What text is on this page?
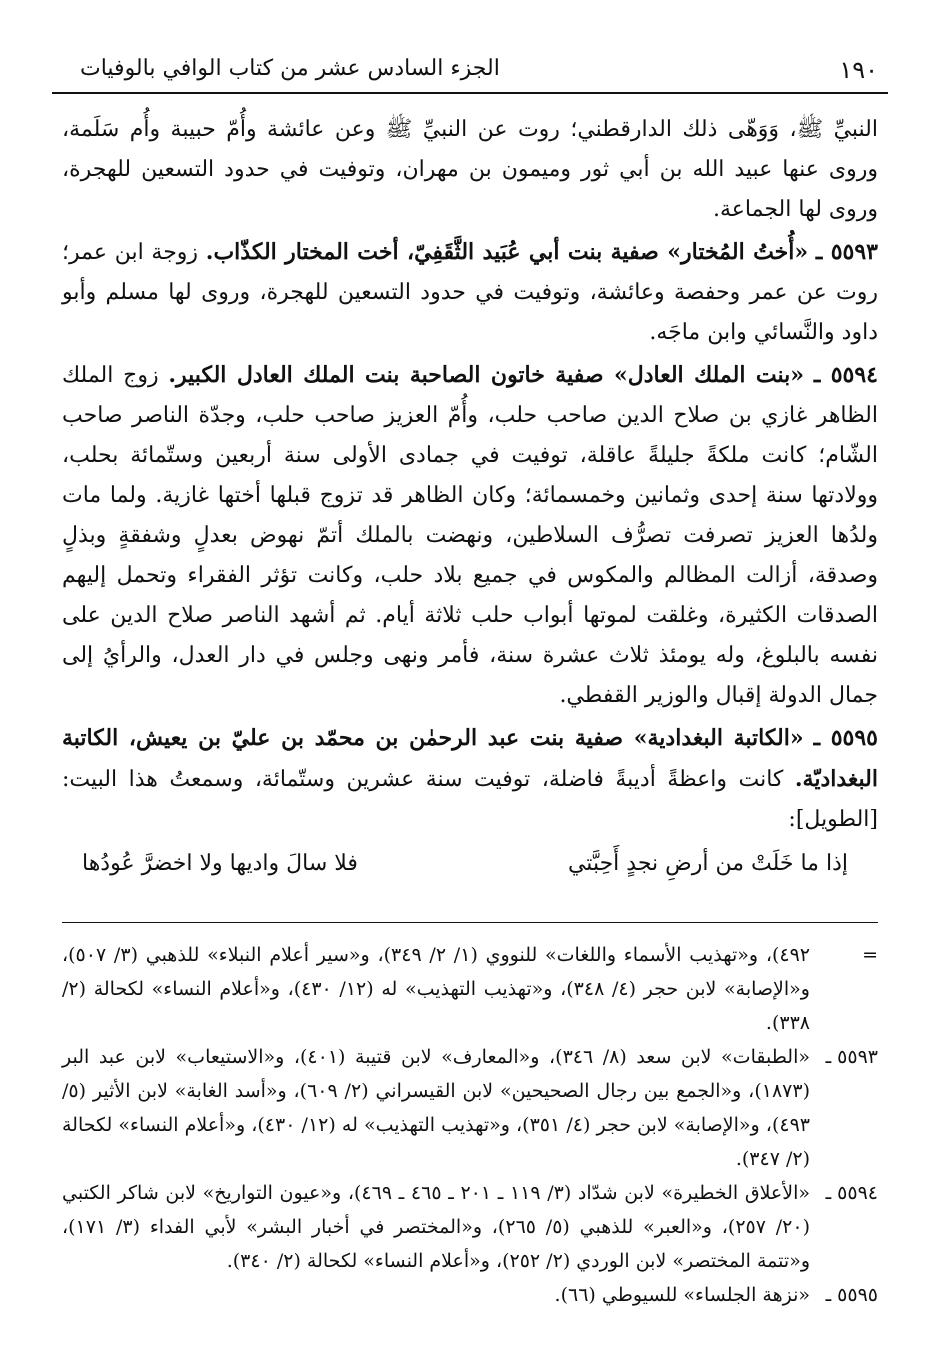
١٩٠
الجزء السادس عشر من كتاب الوافي بالوفيات

النبيِّ ﷺ، وَوَهّى ذلك الدارقطني؛ روت عن النبيِّ ﷺ وعن عائشة وأُمّ حبيبة وأُم سَلَمة، وروى عنها عبيد الله بن أبي ثور وميمون بن مهران، وتوفيت في حدود التسعين للهجرة، وروى لها الجماعة.

٥٥٩٣ ـ «أُختُ المُختار» صفية بنت أبي عُبَيد الثَّقَفِيّ، أخت المختار الكذّاب. زوجة ابن عمر؛ روت عن عمر وحفصة وعائشة، وتوفيت في حدود التسعين للهجرة، وروى لها مسلم وأبو داود والنَّسائي وابن ماجَه.

٥٥٩٤ ـ «بنت الملك العادل» صفية خاتون الصاحبة بنت الملك العادل الكبير. زوج الملك الظاهر غازي بن صلاح الدين صاحب حلب، وأُمّ العزيز صاحب حلب، وجدّة الناصر صاحب الشّام؛ كانت ملكةً جليلةً عاقلة، توفيت في جمادى الأولى سنة أربعين وستّمائة بحلب، وولادتها سنة إحدى وثمانين وخمسمائة؛ وكان الظاهر قد تزوج قبلها أختها غازية. ولما مات ولدُها العزيز تصرفت تصرُّف السلاطين، ونهضت بالملك أتمّ نهوض بعدلٍ وشفقةٍ وبذلٍ وصدقة، أزالت المظالم والمكوس في جميع بلاد حلب، وكانت تؤثر الفقراء وتحمل إليهم الصدقات الكثيرة، وغلقت لموتها أبواب حلب ثلاثة أيام. ثم أشهد الناصر صلاح الدين على نفسه بالبلوغ، وله يومئذ ثلاث عشرة سنة، فأمر ونهى وجلس في دار العدل، والرأيُ إلى جمال الدولة إقبال والوزير القفطي.

٥٥٩٥ ـ «الكاتبة البغدادية» صفية بنت عبد الرحمٰن بن محمّد بن عليّ بن يعيش، الكاتبة البغداديّة. كانت واعظةً أديبةً فاضلة، توفيت سنة عشرين وستّمائة، وسمعتُ هذا البيت: [الطويل]:

إذا ما خَلَتْ من أرضِ نجدٍ أَحِبَّتي
فلا سالَ واديها ولا اخضرَّ عُودُها
=
٤٩٢)، و«تهذيب الأسماء واللغات» للنووي (١/ ٢/ ٣٤٩)، و«سير أعلام النبلاء» للذهبي (٣/ ٥٠٧)، و«الإصابة» لابن حجر (٤/ ٣٤٨)، و«تهذيب التهذيب» له (١٢/ ٤٣٠)، و«أعلام النساء» لكحالة (٢/ ٣٣٨).
٥٥٩٣ ـ
«الطبقات» لابن سعد (٨/ ٣٤٦)، و«المعارف» لابن قتيبة (٤٠١)، و«الاستيعاب» لابن عبد البر (١٨٧٣)، و«الجمع بين رجال الصحيحين» لابن القيسراني (٢/ ٦٠٩)، و«أسد الغابة» لابن الأثير (٥/ ٤٩٣)، و«الإصابة» لابن حجر (٤/ ٣٥١)، و«تهذيب التهذيب» له (١٢/ ٤٣٠)، و«أعلام النساء» لكحالة (٢/ ٣٤٧).
٥٥٩٤ ـ
«الأعلاق الخطيرة» لابن شدّاد (٣/ ١١٩ ـ ٢٠١ ـ ٤٦٥ ـ ٤٦٩)، و«عيون التواريخ» لابن شاكر الكتبي (٢٠/ ٢٥٧)، و«العبر» للذهبي (٥/ ٢٦٥)، و«المختصر في أخبار البشر» لأبي الفداء (٣/ ١٧١)، و«تتمة المختصر» لابن الوردي (٢/ ٢٥٢)، و«أعلام النساء» لكحالة (٢/ ٣٤٠).
٥٥٩٥ ـ
«نزهة الجلساء» للسيوطي (٦٦).
